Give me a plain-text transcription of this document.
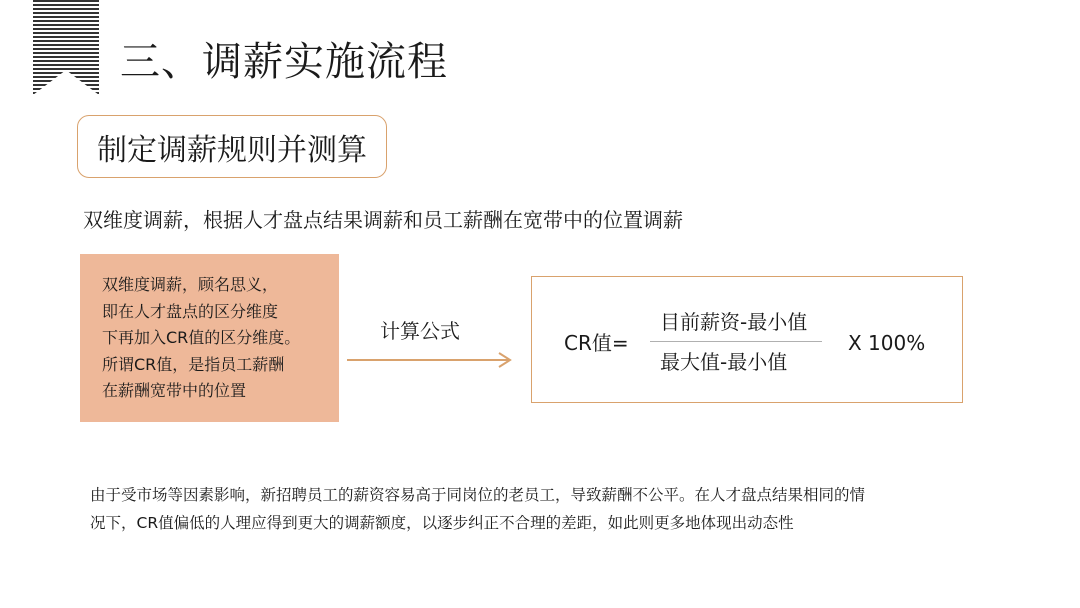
三、调薪实施流程
制定调薪规则并测算
双维度调薪，根据人才盘点结果调薪和员工薪酬在宽带中的位置调薪
双维度调薪，顾名思义，
即在人才盘点的区分维度
下再加入CR值的区分维度。
所谓CR值，是指员工薪酬
在薪酬宽带中的位置
计算公式	CR值=
目前薪资-最小值
最大值-最小值
X 100%
由于受市场等因素影响，新招聘员工的薪资容易高于同岗位的老员工，导致薪酬不公平。在人才盘点结果相同的情
况下，CR值偏低的人理应得到更大的调薪额度，以逐步纠正不合理的差距，如此则更多地体现出动态性
